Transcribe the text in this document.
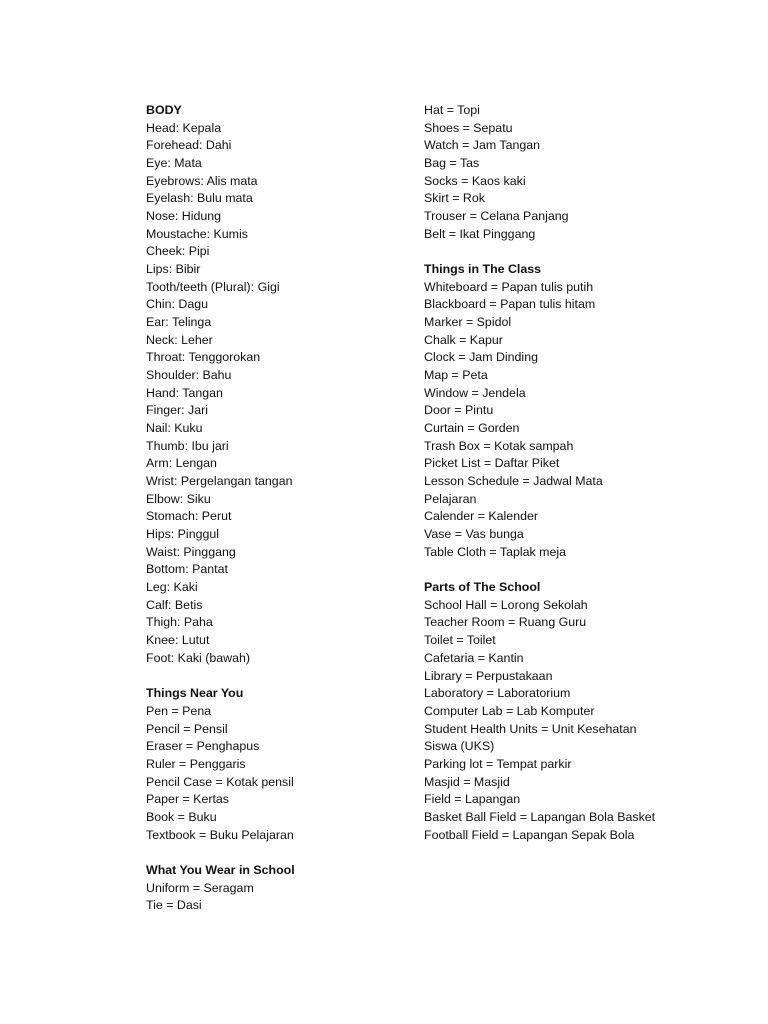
BODY
Head: Kepala
Forehead: Dahi
Eye: Mata
Eyebrows: Alis mata
Eyelash: Bulu mata
Nose: Hidung
Moustache: Kumis
Cheek: Pipi
Lips: Bibir
Tooth/teeth (Plural): Gigi
Chin: Dagu
Ear: Telinga
Neck: Leher
Throat: Tenggorokan
Shoulder: Bahu
Hand: Tangan
Finger: Jari
Nail: Kuku
Thumb: Ibu jari
Arm: Lengan
Wrist: Pergelangan tangan
Elbow: Siku
Stomach: Perut
Hips: Pinggul
Waist: Pinggang
Bottom: Pantat
Leg: Kaki
Calf: Betis
Thigh: Paha
Knee: Lutut
Foot: Kaki (bawah)
Things Near You
Pen = Pena
Pencil = Pensil
Eraser = Penghapus
Ruler = Penggaris
Pencil Case = Kotak pensil
Paper = Kertas
Book = Buku
Textbook = Buku Pelajaran
What You Wear in School
Uniform = Seragam
Tie = Dasi
Hat = Topi
Shoes = Sepatu
Watch = Jam Tangan
Bag = Tas
Socks = Kaos kaki
Skirt = Rok
Trouser = Celana Panjang
Belt = Ikat Pinggang
Things in The Class
Whiteboard = Papan tulis putih
Blackboard = Papan tulis hitam
Marker = Spidol
Chalk = Kapur
Clock = Jam Dinding
Map = Peta
Window = Jendela
Door = Pintu
Curtain = Gorden
Trash Box = Kotak sampah
Picket List = Daftar Piket
Lesson Schedule = Jadwal Mata
Pelajaran
Calender = Kalender
Vase = Vas bunga
Table Cloth = Taplak meja
Parts of The School
School Hall = Lorong Sekolah
Teacher Room = Ruang Guru
Toilet = Toilet
Cafetaria = Kantin
Library = Perpustakaan
Laboratory = Laboratorium
Computer Lab = Lab Komputer
Student Health Units = Unit Kesehatan
Siswa (UKS)
Parking lot = Tempat parkir
Masjid = Masjid
Field = Lapangan
Basket Ball Field = Lapangan Bola Basket
Football Field = Lapangan Sepak Bola
